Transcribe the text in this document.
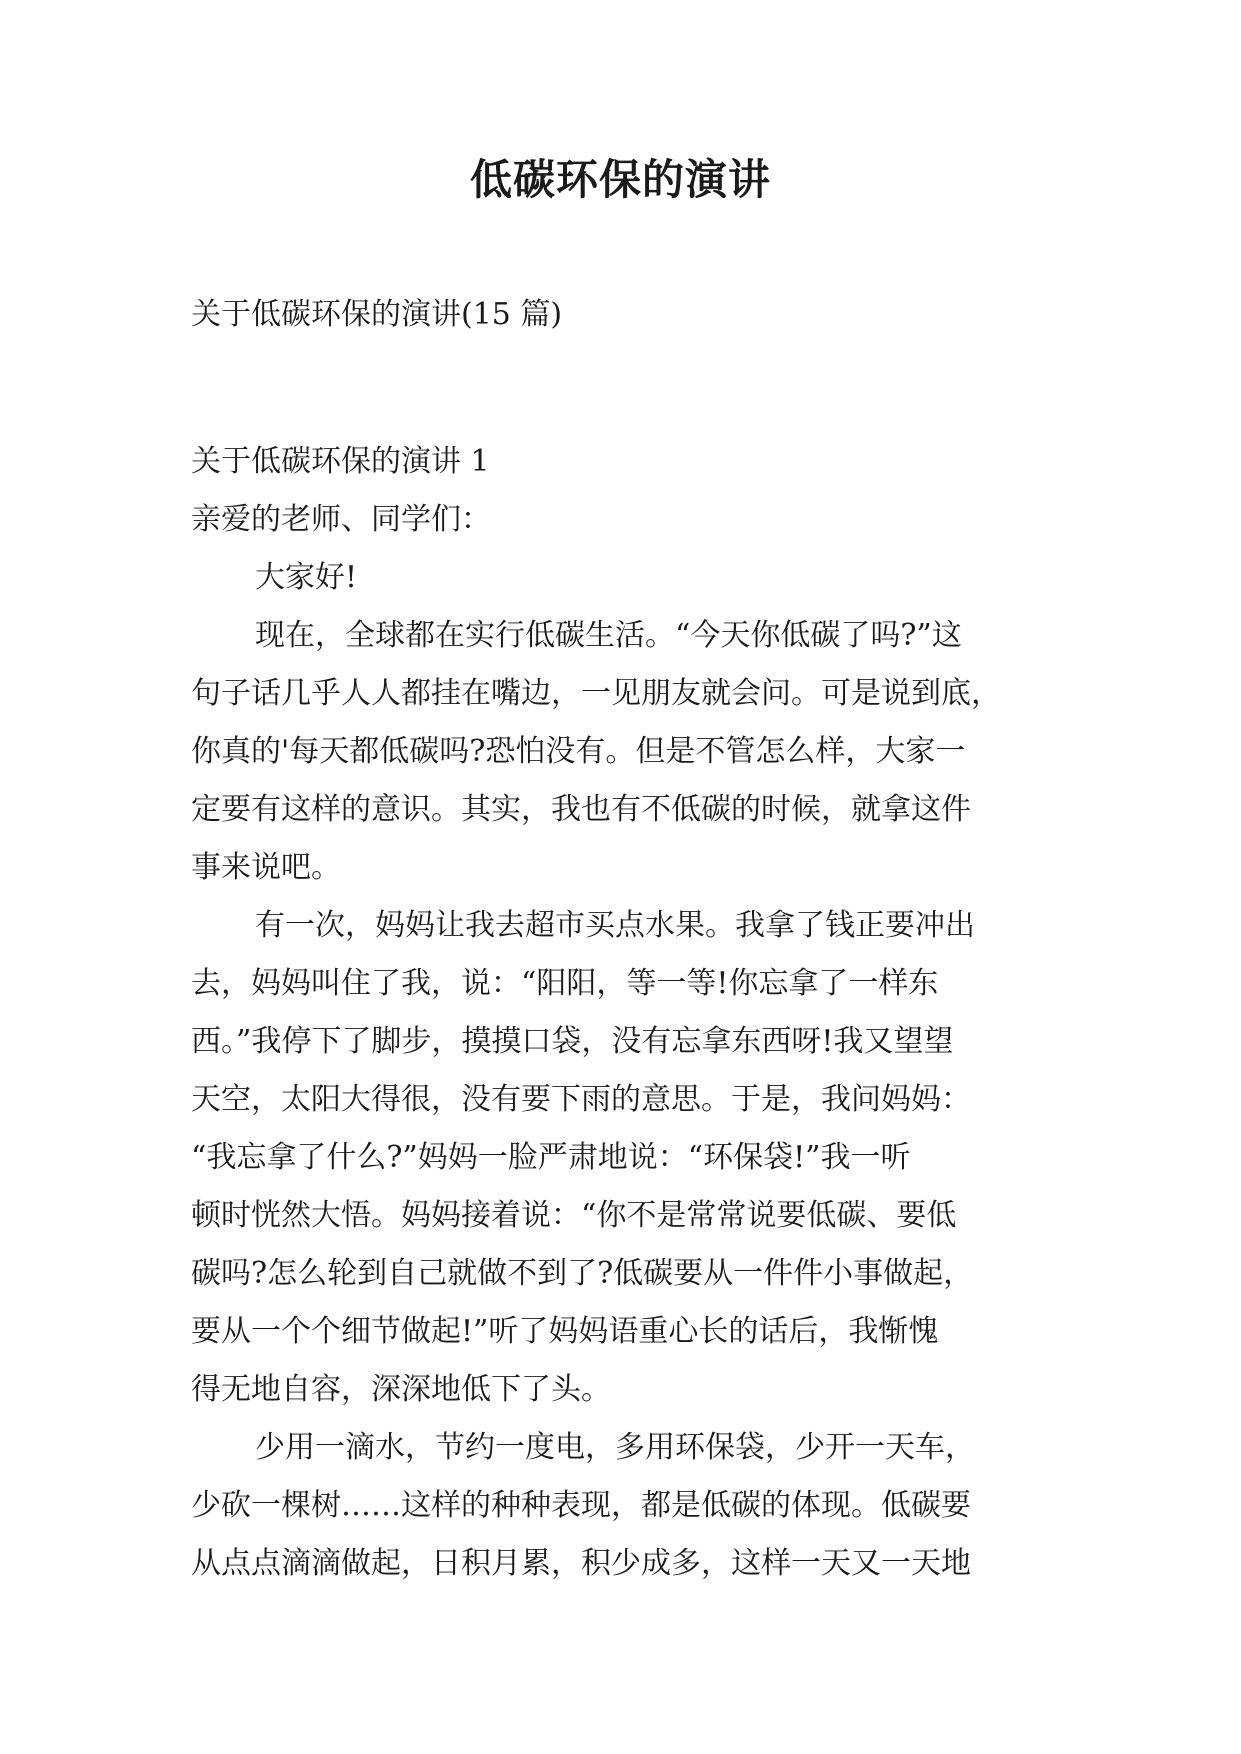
低碳环保的演讲

关于低碳环保的演讲(15 篇)

关于低碳环保的演讲 1

亲爱的老师、同学们：

大家好!

现在，全球都在实行低碳生活。“今天你低碳了吗?”这

句子话几乎人人都挂在嘴边，一见朋友就会问。可是说到底，

你真的'每天都低碳吗?恐怕没有。但是不管怎么样，大家一

定要有这样的意识。其实，我也有不低碳的时候，就拿这件

事来说吧。

有一次，妈妈让我去超市买点水果。我拿了钱正要冲出

去，妈妈叫住了我，说：“阳阳，等一等!你忘拿了一样东

西。”我停下了脚步，摸摸口袋，没有忘拿东西呀!我又望望

天空，太阳大得很，没有要下雨的意思。于是，我问妈妈：

“我忘拿了什么?”妈妈一脸严肃地说：“环保袋!”我一听

顿时恍然大悟。妈妈接着说：“你不是常常说要低碳、要低

碳吗?怎么轮到自己就做不到了?低碳要从一件件小事做起，

要从一个个细节做起!”听了妈妈语重心长的话后，我惭愧

得无地自容，深深地低下了头。

少用一滴水，节约一度电，多用环保袋，少开一天车，

少砍一棵树……这样的种种表现，都是低碳的体现。低碳要

从点点滴滴做起，日积月累，积少成多，这样一天又一天地
